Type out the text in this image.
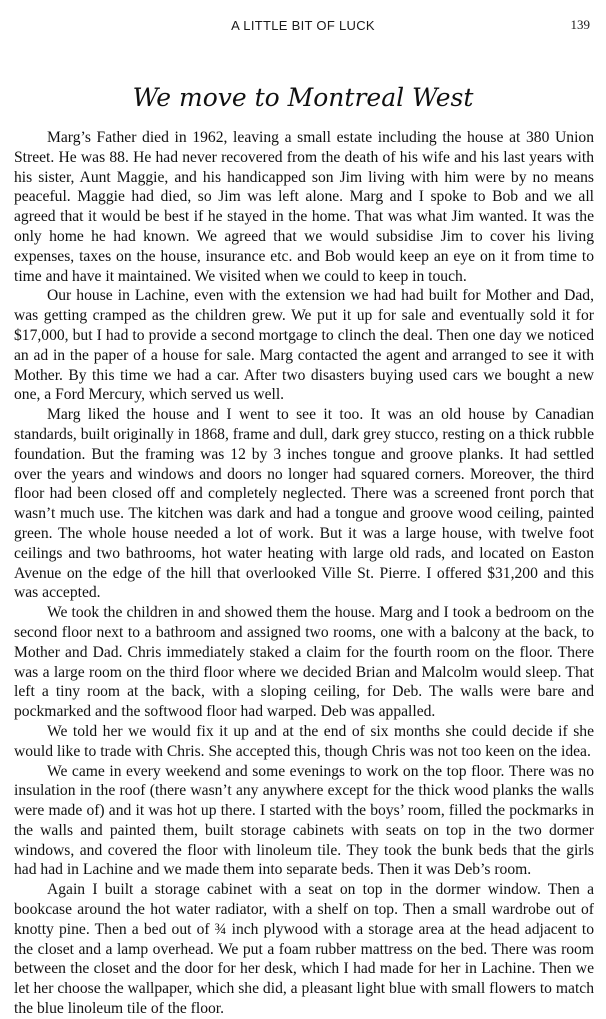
A LITTLE BIT OF LUCK	139
We move to Montreal West

Marg’s Father died in 1962, leaving a small estate including the house at 380 Union Street. He was 88. He had never recovered from the death of his wife and his last years with his sister, Aunt Maggie, and his handicapped son Jim living with him were by no means peaceful. Maggie had died, so Jim was left alone. Marg and I spoke to Bob and we all agreed that it would be best if he stayed in the home. That was what Jim wanted. It was the only home he had known. We agreed that we would subsidise Jim to cover his living expenses, taxes on the house, insurance etc. and Bob would keep an eye on it from time to time and have it maintained. We visited when we could to keep in touch.

Our house in Lachine, even with the extension we had had built for Mother and Dad, was getting cramped as the children grew. We put it up for sale and eventually sold it for $17,000, but I had to provide a second mortgage to clinch the deal. Then one day we noticed an ad in the paper of a house for sale. Marg contacted the agent and arranged to see it with Mother. By this time we had a car. After two disasters buying used cars we bought a new one, a Ford Mercury, which served us well.

Marg liked the house and I went to see it too. It was an old house by Canadian standards, built originally in 1868, frame and dull, dark grey stucco, resting on a thick rubble foundation. But the framing was 12 by 3 inches tongue and groove planks. It had settled over the years and windows and doors no longer had squared corners. Moreover, the third floor had been closed off and completely neglected. There was a screened front porch that wasn’t much use. The kitchen was dark and had a tongue and groove wood ceiling, painted green. The whole house needed a lot of work. But it was a large house, with twelve foot ceilings and two bathrooms, hot water heating with large old rads, and located on Easton Avenue on the edge of the hill that overlooked Ville St. Pierre. I offered $31,200 and this was accepted.

We took the children in and showed them the house. Marg and I took a bedroom on the second floor next to a bathroom and assigned two rooms, one with a balcony at the back, to Mother and Dad. Chris immediately staked a claim for the fourth room on the floor. There was a large room on the third floor where we decided Brian and Malcolm would sleep. That left a tiny room at the back, with a sloping ceiling, for Deb. The walls were bare and pockmarked and the softwood floor had warped. Deb was appalled.

We told her we would fix it up and at the end of six months she could decide if she would like to trade with Chris. She accepted this, though Chris was not too keen on the idea.

We came in every weekend and some evenings to work on the top floor. There was no insulation in the roof (there wasn’t any anywhere except for the thick wood planks the walls were made of) and it was hot up there. I started with the boys’ room, filled the pockmarks in the walls and painted them, built storage cabinets with seats on top in the two dormer windows, and covered the floor with linoleum tile. They took the bunk beds that the girls had had in Lachine and we made them into separate beds. Then it was Deb’s room.

Again I built a storage cabinet with a seat on top in the dormer window. Then a bookcase around the hot water radiator, with a shelf on top. Then a small wardrobe out of knotty pine. Then a bed out of ¾ inch plywood with a storage area at the head adjacent to the closet and a lamp overhead. We put a foam rubber mattress on the bed. There was room between the closet and the door for her desk, which I had made for her in Lachine. Then we let her choose the wallpaper, which she did, a pleasant light blue with small flowers to match the blue linoleum tile of the floor.
